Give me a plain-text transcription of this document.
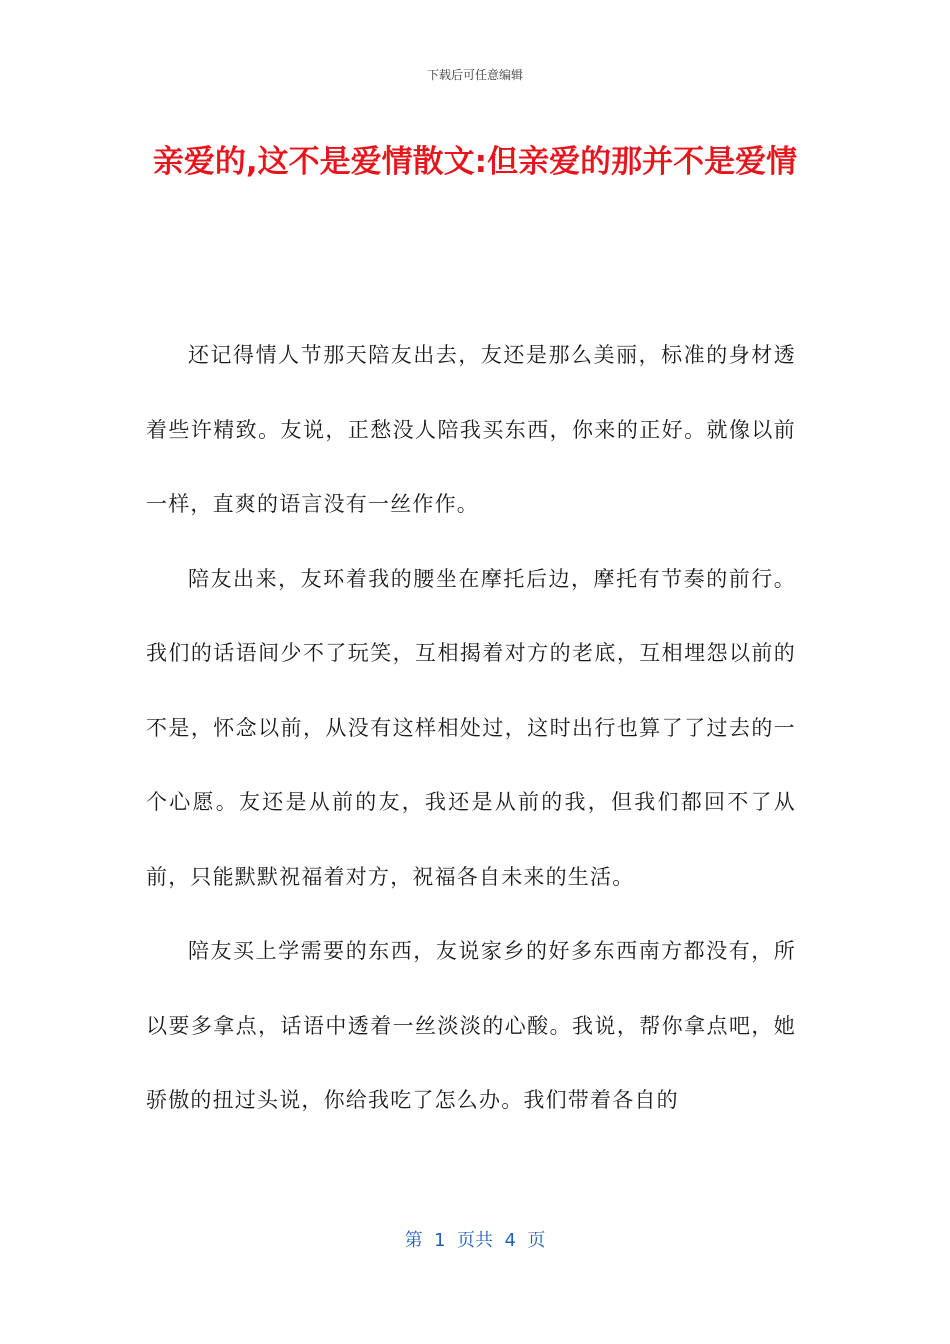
下载后可任意编辑
亲爱的,这不是爱情散文:但亲爱的那并不是爱情

还记得情人节那天陪友出去，友还是那么美丽，标准的身材透着些许精致。友说，正愁没人陪我买东西，你来的正好。就像以前一样，直爽的语言没有一丝作作。

陪友出来，友环着我的腰坐在摩托后边，摩托有节奏的前行。我们的话语间少不了玩笑，互相揭着对方的老底，互相埋怨以前的不是，怀念以前，从没有这样相处过，这时出行也算了了过去的一个心愿。友还是从前的友，我还是从前的我，但我们都回不了从前，只能默默祝福着对方，祝福各自未来的生活。

陪友买上学需要的东西，友说家乡的好多东西南方都没有，所以要多拿点，话语中透着一丝淡淡的心酸。我说，帮你拿点吧，她骄傲的扭过头说，你给我吃了怎么办。我们带着各自的

第  1  页共  4  页
